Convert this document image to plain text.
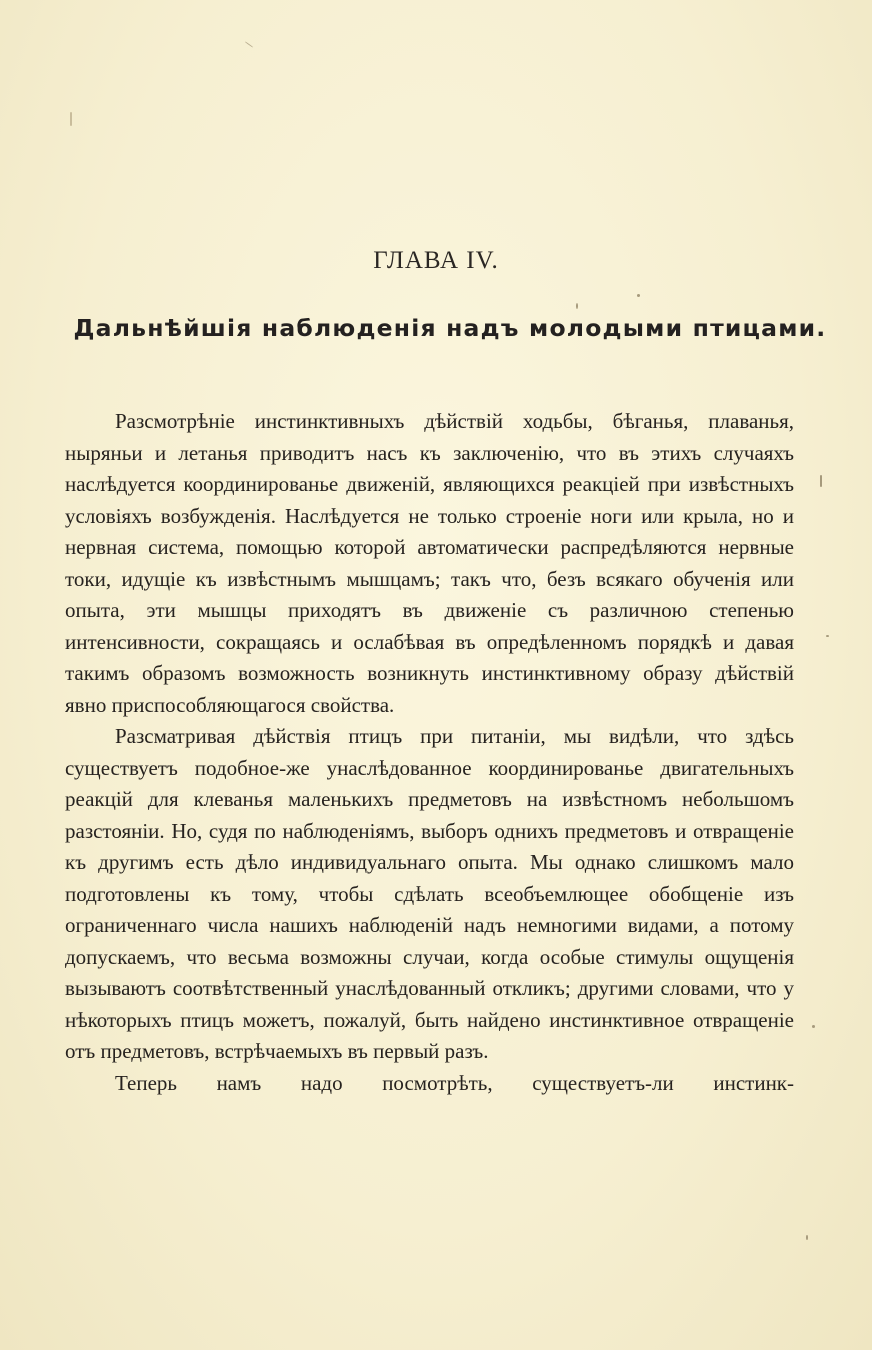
ГЛАВА IV.
Дальнѣйшія наблюденія надъ молодыми птицами.

Разсмотрѣніе инстинктивныхъ дѣйствій ходьбы, бѣганья, плаванья, ныряньи и летанья приводитъ насъ къ заключенію, что въ этихъ случаяхъ наслѣдуется координированье движеній, являющихся реакціей при извѣстныхъ условіяхъ возбужденія. Наслѣдуется не только строеніе ноги или крыла, но и нервная система, помощью которой автоматически распредѣляются нервные токи, идущіе къ извѣстнымъ мышцамъ; такъ что, безъ всякаго обученія или опыта, эти мышцы приходятъ въ движеніе съ различною степенью интенсивности, сокращаясь и ослабѣвая въ опредѣленномъ порядкѣ и давая такимъ образомъ возможность возникнуть инстинктивному образу дѣйствій явно приспособляющагося свойства.

Разсматривая дѣйствія птицъ при питаніи, мы видѣли, что здѣсь существуетъ подобное-же унаслѣдованное координированье двигательныхъ реакцій для клеванья маленькихъ предметовъ на извѣстномъ небольшомъ разстояніи. Но, судя по наблюденіямъ, выборъ однихъ предметовъ и отвращеніе къ другимъ есть дѣло индивидуальнаго опыта. Мы однако слишкомъ мало подготовлены къ тому, чтобы сдѣлать всеобъемлющее обобщеніе изъ ограниченнаго числа нашихъ наблюденій надъ немногими видами, а потому допускаемъ, что весьма возможны случаи, когда особые стимулы ощущенія вызываютъ соотвѣтственный унаслѣдованный откликъ; другими словами, что у нѣкоторыхъ птицъ можетъ, пожалуй, быть найдено инстинктивное отвращеніе отъ предметовъ, встрѣчаемыхъ въ первый разъ.

Теперь намъ надо посмотрѣть, существуетъ-ли инстинк-
